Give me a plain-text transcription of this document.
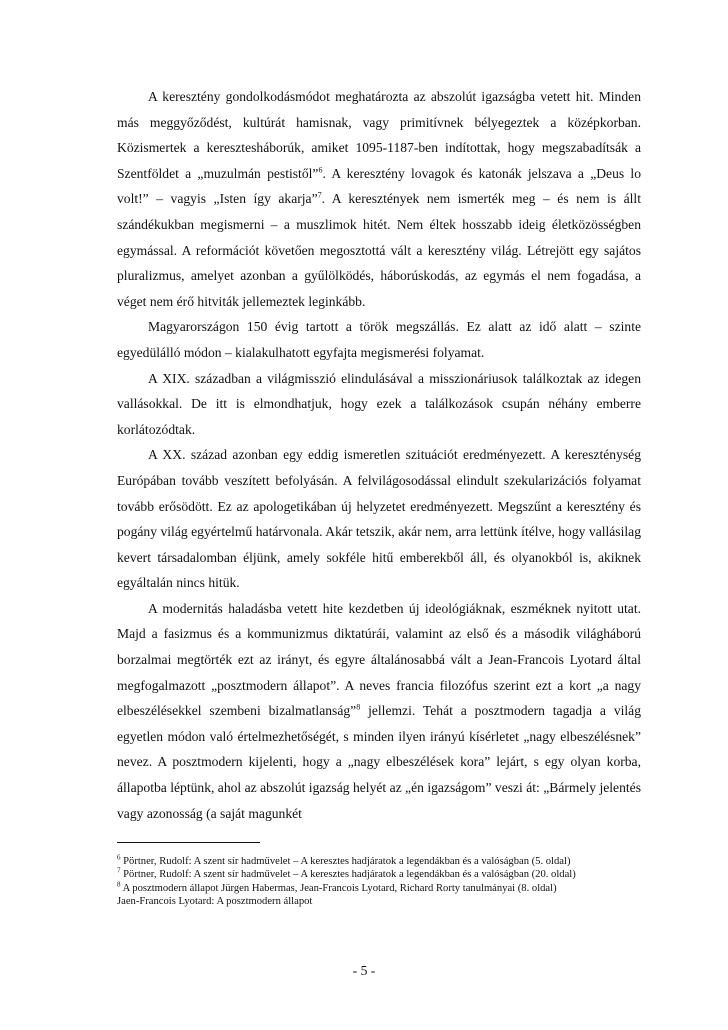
A keresztény gondolkodásmódot meghatározta az abszolút igazságba vetett hit. Minden más meggyőződést, kultúrát hamisnak, vagy primitívnek bélyegeztek a középkorban. Közismertek a keresztesháborúk, amiket 1095-1187-ben indítottak, hogy megszabadítsák a Szentföldet a „muzulmán pestistől”$^6$. A keresztény lovagok és katonák jelszava a „Deus lo volt!” – vagyis „Isten így akarja”$^7$. A keresztények nem ismerték meg – és nem is állt szándékukban megismerni – a muszlimok hitét. Nem éltek hosszabb ideig életközösségben egymással. A reformációt követően megosztottá vált a keresztény világ. Létrejött egy sajátos pluralizmus, amelyet azonban a gyűlölködés, háborúskodás, az egymás el nem fogadása, a véget nem érő hitviták jellemeztek leginkább.

Magyarországon 150 évig tartott a török megszállás. Ez alatt az idő alatt – szinte egyedülálló módon – kialakulhatott egyfajta megismerési folyamat.

A XIX. században a világmisszió elindulásával a misszionáriusok találkoztak az idegen vallásokkal. De itt is elmondhatjuk, hogy ezek a találkozások csupán néhány emberre korlátozódtak.

A XX. század azonban egy eddig ismeretlen szituációt eredményezett. A kereszténység Európában tovább veszített befolyásán. A felvilágosodással elindult szekularizációs folyamat tovább erősödött. Ez az apologetikában új helyzetet eredményezett. Megszűnt a keresztény és pogány világ egyértelmű határvonala. Akár tetszik, akár nem, arra lettünk ítélve, hogy vallásilag kevert társadalomban éljünk, amely sokféle hitű emberekből áll, és olyanokból is, akiknek egyáltalán nincs hitük.

A modernitás haladásba vetett hite kezdetben új ideológiáknak, eszméknek nyitott utat. Majd a fasizmus és a kommunizmus diktatúrái, valamint az első és a második világháború borzalmai megtörték ezt az irányt, és egyre általánosabbá vált a Jean-Francois Lyotard által megfogalmazott „posztmodern állapot”. A neves francia filozófus szerint ezt a kort „a nagy elbeszélésekkel szembeni bizalmatlanság”$^8$ jellemzi. Tehát a posztmodern tagadja a világ egyetlen módon való értelmezhetőségét, s minden ilyen irányú kísérletet „nagy elbeszélésnek” nevez. A posztmodern kijelenti, hogy a „nagy elbeszélések kora” lejárt, s egy olyan korba, állapotba léptünk, ahol az abszolút igazság helyét az „én igazságom” veszi át: „Bármely jelentés vagy azonosság (a saját magunkét

$^6$ Pörtner, Rudolf: A szent sír hadművelet – A keresztes hadjáratok a legendákban és a valóságban (5. oldal)

$^7$ Pörtner, Rudolf: A szent sír hadművelet – A keresztes hadjáratok a legendákban és a valóságban (20. oldal)

$^8$ A posztmodern állapot Jürgen Habermas, Jean-Francois Lyotard, Richard Rorty tanulmányai (8. oldal)

Jaen-Francois Lyotard: A posztmodern állapot

- 5 -
